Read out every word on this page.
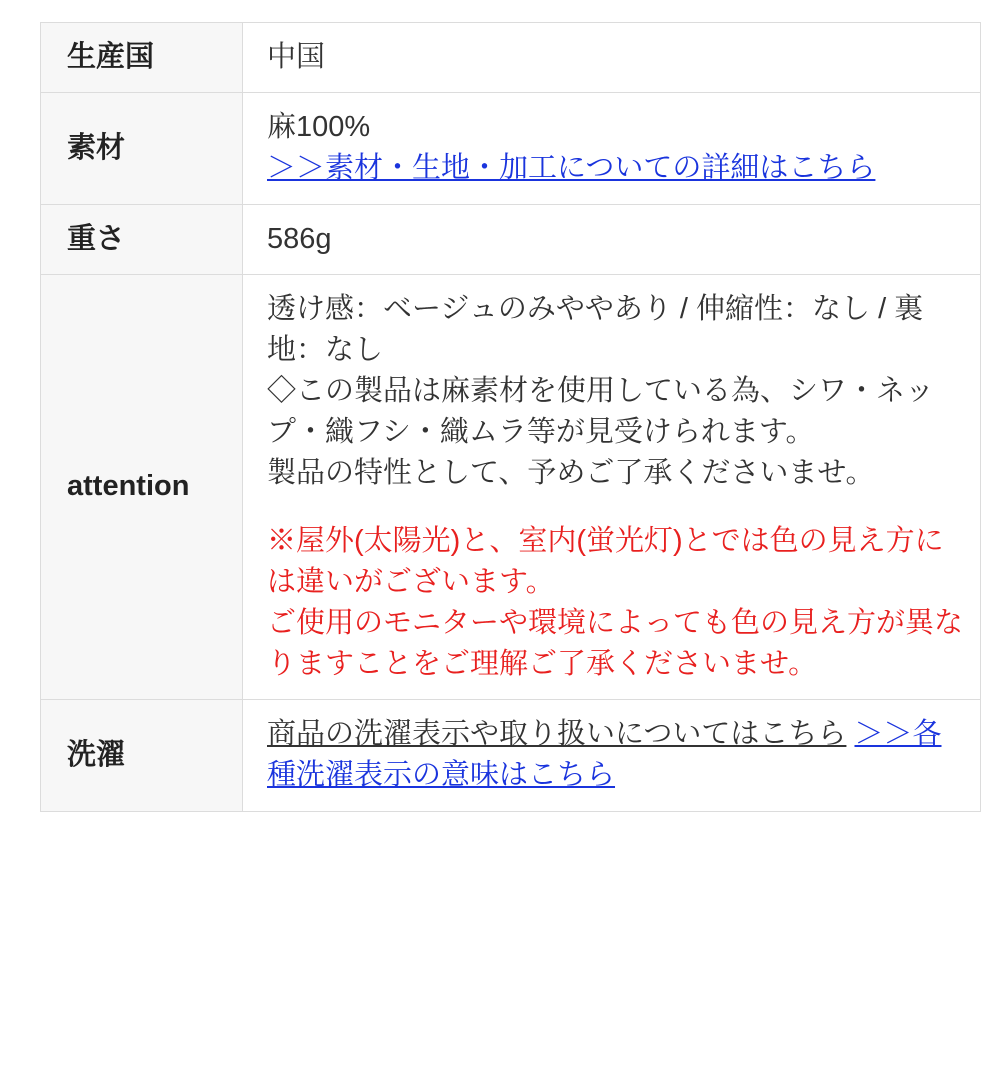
生産国	中国

素材	麻100%
＞＞素材・生地・加工についての詳細はこちら
重さ	586g

attention	透け感：ベージュのみややあり / 伸縮性：なし / 裏地：なし
◇この製品は麻素材を使用している為、シワ・ネップ・織フシ・織ムラ等が見受けられます。
製品の特性として、予めご了承くださいませ。
※屋外(太陽光)と、室内(蛍光灯)とでは色の見え方には違いがございます。
ご使用のモニターや環境によっても色の見え方が異なりますことをご理解ご了承くださいませ。

洗濯	商品の洗濯表示や取り扱いについてはこちら ＞＞各種洗濯表示の意味はこちら
